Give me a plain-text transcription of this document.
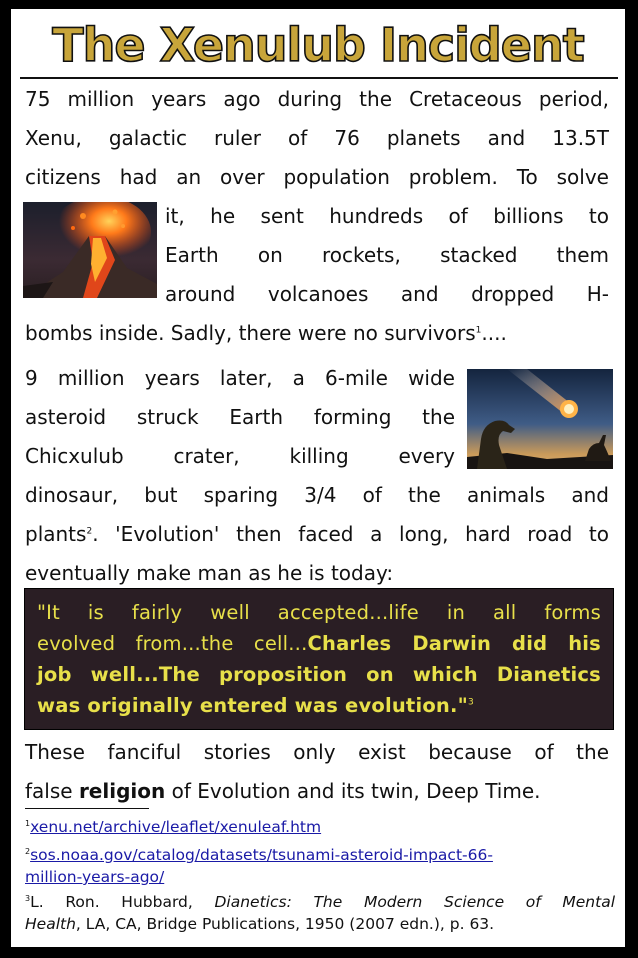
The Xenulub Incident
75 million years ago during the Cretaceous period,
Xenu, galactic ruler of 76 planets and 13.5T
citizens had an over population problem. To solve
it, he sent hundreds of billions to
Earth on rockets, stacked them
around volcanoes and dropped H-
bombs inside. Sadly, there were no survivors$^1$....
9 million years later, a 6-mile wide
asteroid struck Earth forming the
Chicxulub crater, killing every
dinosaur, but sparing 3/4 of the animals and
plants$^2$. 'Evolution' then faced a long, hard road to
eventually make man as he is today:
"It is fairly well accepted...life in all forms
evolved from...the cell...Charles Darwin did his
job well...The proposition on which Dianetics
was originally entered was evolution."$^3$
These fanciful stories only exist because of the
false religion of Evolution and its twin, Deep Time.
$^1$xenu.net/archive/leaflet/xenuleaf.htm
$^2$sos.noaa.gov/catalog/datasets/tsunami-asteroid-impact-66-
million-years-ago/
$^3$L. Ron. Hubbard, Dianetics: The Modern Science of Mental
Health, LA, CA, Bridge Publications, 1950 (2007 edn.), p. 63.
